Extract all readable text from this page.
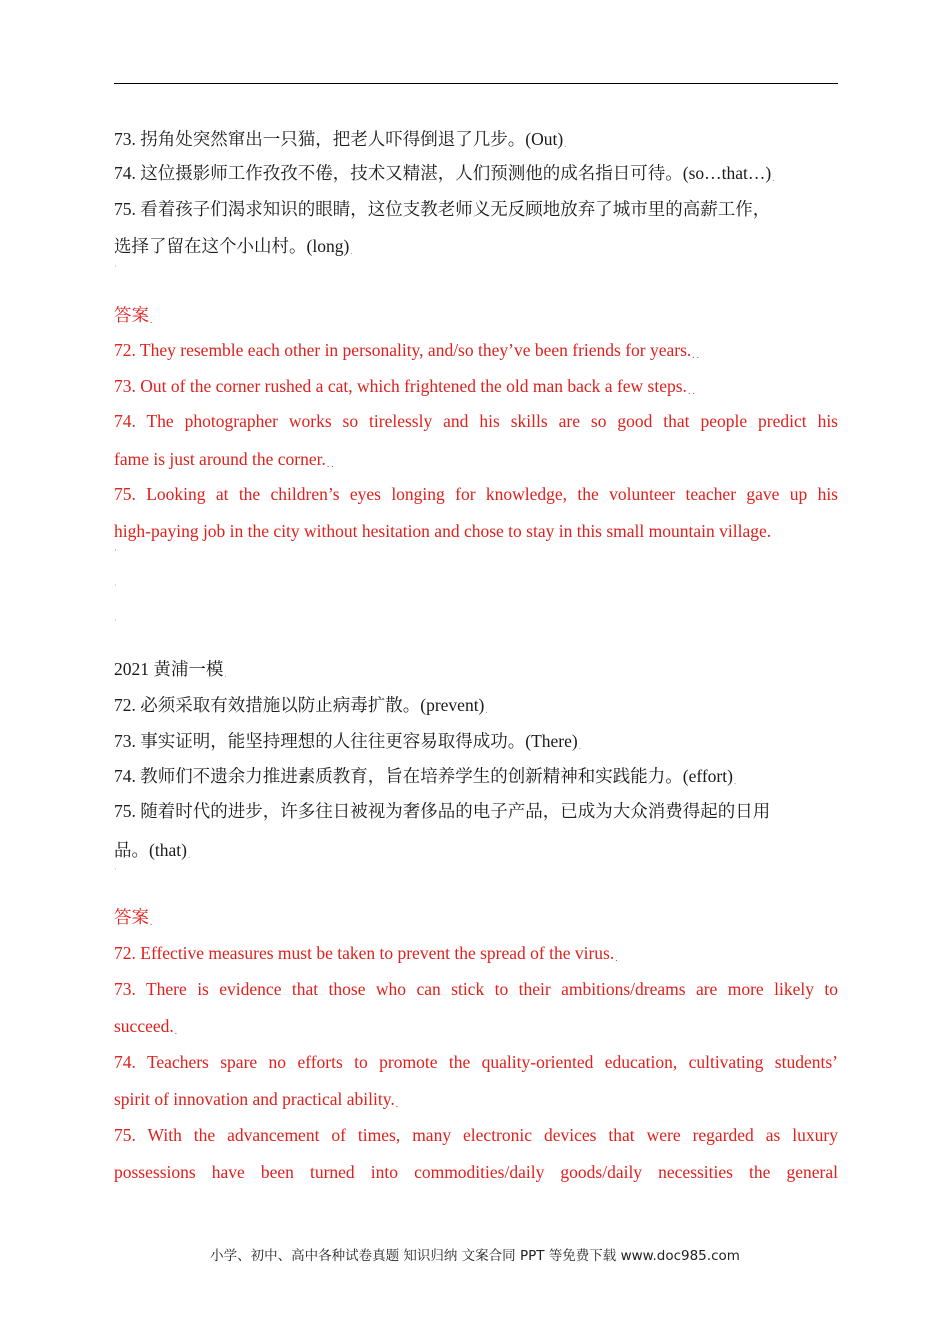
73. 拐角处突然窜出一只猫，把老人吓得倒退了几步。(Out).
74. 这位摄影师工作孜孜不倦，技术又精湛，人们预测他的成名指日可待。(so…that…).
75. 看着孩子们渴求知识的眼睛，这位支教老师义无反顾地放弃了城市里的高薪工作，
选择了留在这个小山村。(long).
˙
答案.
72. They resemble each other in personality, and/so they’ve been friends for years.. .
73. Out of the corner rushed a cat, which frightened the old man back a few steps.. .
74. The photographer works so tirelessly and his skills are so good that people predict his
fame is just around the corner.. .
75. Looking at the children’s eyes longing for knowledge, the volunteer teacher gave up his
high-paying job in the city without hesitation and chose to stay in this small mountain village.
˙
˙
˙
2021 黄浦一模.
72. 必须采取有效措施以防止病毒扩散。(prevent).
73. 事实证明，能坚持理想的人往往更容易取得成功。(There).
74. 教师们不遗余力推进素质教育，旨在培养学生的创新精神和实践能力。(effort).
75. 随着时代的进步，许多往日被视为奢侈品的电子产品，已成为大众消费得起的日用
品。(that).
˙
答案.
72. Effective measures must be taken to prevent the spread of the virus..
73. There is evidence that those who can stick to their ambitions/dreams are more likely to
succeed..
74. Teachers spare no efforts to promote the quality-oriented education, cultivating students’
spirit of innovation and practical ability..
75. With the advancement of times, many electronic devices that were regarded as luxury
possessions have been turned into commodities/daily goods/daily necessities the general
小学、初中、高中各种试卷真题 知识归纳 文案合同 PPT 等免费下载 www.doc985.com
